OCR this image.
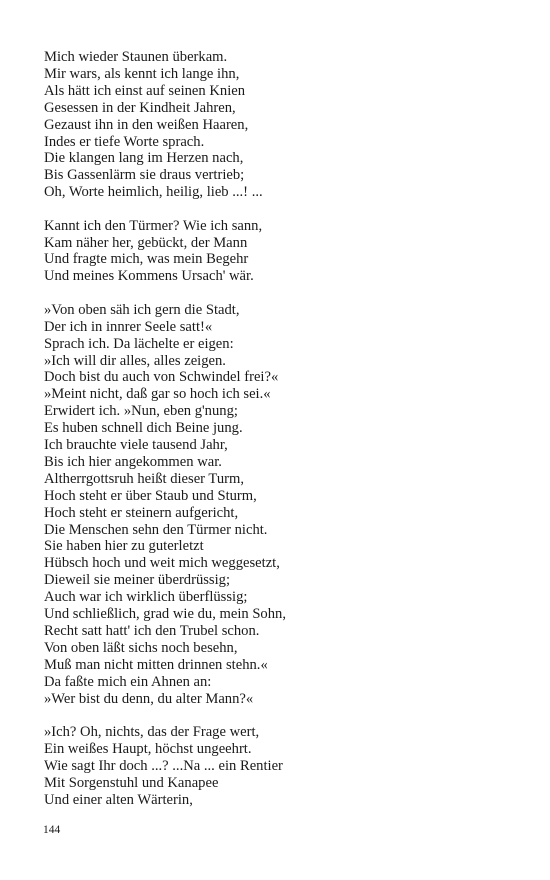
Mich wieder Staunen überkam.
Mir wars, als kennt ich lange ihn,
Als hätt ich einst auf seinen Knien
Gesessen in der Kindheit Jahren,
Gezaust ihn in den weißen Haaren,
Indes er tiefe Worte sprach.
Die klangen lang im Herzen nach,
Bis Gassenlärm sie draus vertrieb;
Oh, Worte heimlich, heilig, lieb ...! ...
Kannt ich den Türmer? Wie ich sann,
Kam näher her, gebückt, der Mann
Und fragte mich, was mein Begehr
Und meines Kommens Ursach' wär.
»Von oben säh ich gern die Stadt,
Der ich in innrer Seele satt!«
Sprach ich. Da lächelte er eigen:
»Ich will dir alles, alles zeigen.
Doch bist du auch von Schwindel frei?«
»Meint nicht, daß gar so hoch ich sei.«
Erwidert ich. »Nun, eben g'nung;
Es huben schnell dich Beine jung.
Ich brauchte viele tausend Jahr,
Bis ich hier angekommen war.
Altherrgottsruh heißt dieser Turm,
Hoch steht er über Staub und Sturm,
Hoch steht er steinern aufgericht,
Die Menschen sehn den Türmer nicht.
Sie haben hier zu guterletzt
Hübsch hoch und weit mich weggesetzt,
Dieweil sie meiner überdrüssig;
Auch war ich wirklich überflüssig;
Und schließlich, grad wie du, mein Sohn,
Recht satt hatt' ich den Trubel schon.
Von oben läßt sichs noch besehn,
Muß man nicht mitten drinnen stehn.«
Da faßte mich ein Ahnen an:
»Wer bist du denn, du alter Mann?«
»Ich? Oh, nichts, das der Frage wert,
Ein weißes Haupt, höchst ungeehrt.
Wie sagt Ihr doch ...? ...Na ... ein Rentier
Mit Sorgenstuhl und Kanapee
Und einer alten Wärterin,
144
